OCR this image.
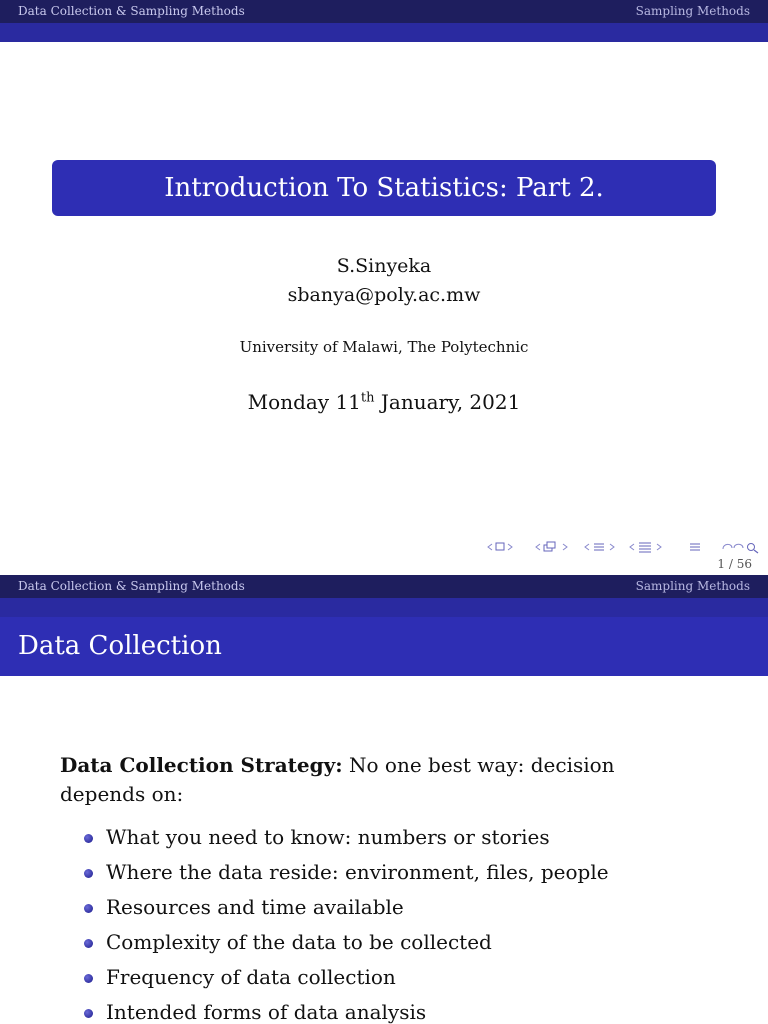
Data Collection & Sampling Methods	Sampling Methods
Introduction To Statistics: Part 2.
S.Sinyeka
sbanya@poly.ac.mw
University of Malawi, The Polytechnic
Monday 11th January, 2021
1 / 56
Data Collection & Sampling Methods	Sampling Methods
Data Collection
Data Collection Strategy: No one best way: decision depends on:
What you need to know: numbers or stories
Where the data reside: environment, files, people
Resources and time available
Complexity of the data to be collected
Frequency of data collection
Intended forms of data analysis
